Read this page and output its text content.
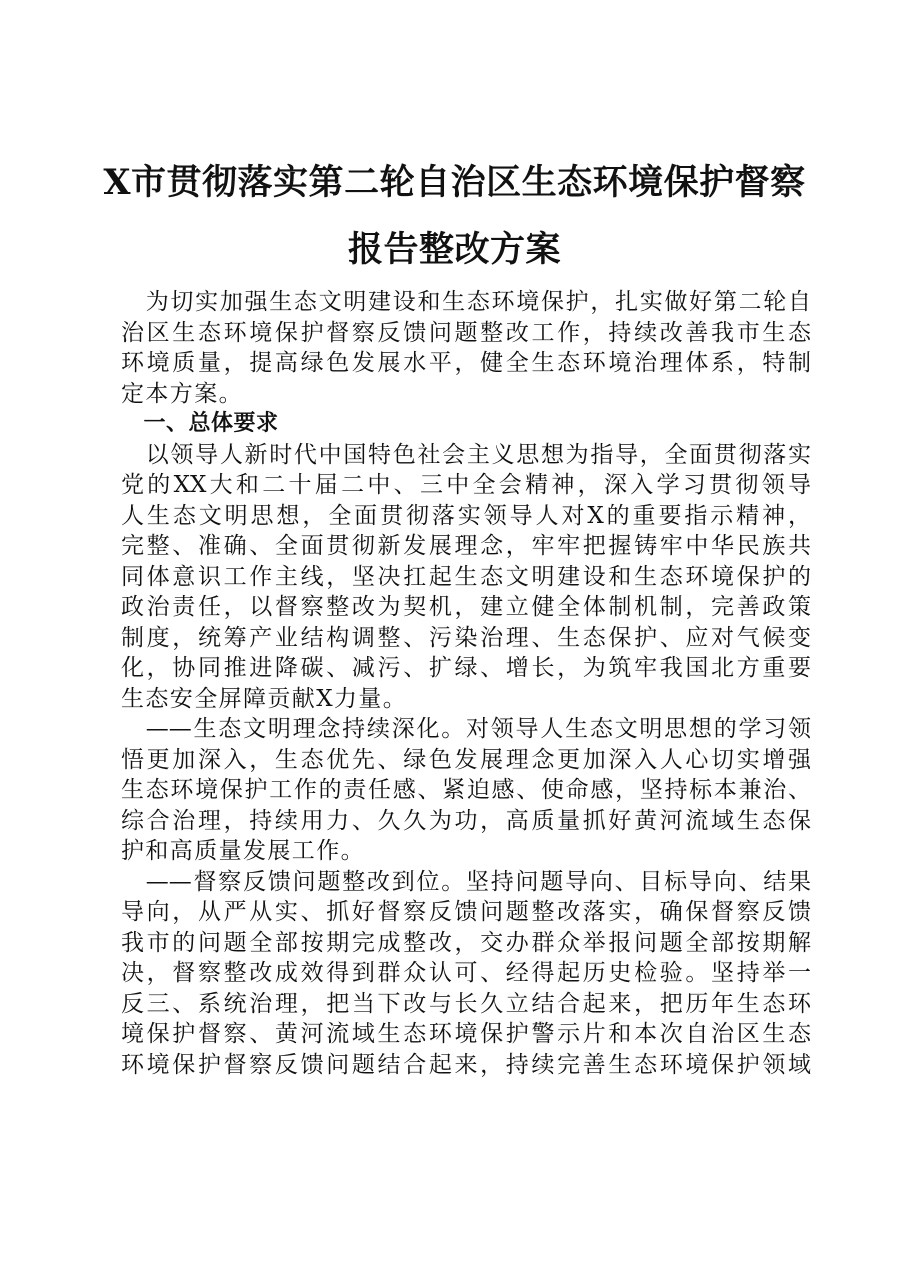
X市贯彻落实第二轮自治区生态环境保护督察
报告整改方案
　为切实加强生态文明建设和生态环境保护，扎实做好第二轮自
治区生态环境保护督察反馈问题整改工作，持续改善我市生态
环境质量，提高绿色发展水平，健全生态环境治理体系，特制
定本方案。
　一、总体要求
　以领导人新时代中国特色社会主义思想为指导，全面贯彻落实
党的XX大和二十届二中、三中全会精神，深入学习贯彻领导
人生态文明思想，全面贯彻落实领导人对X的重要指示精神，
完整、准确、全面贯彻新发展理念，牢牢把握铸牢中华民族共
同体意识工作主线，坚决扛起生态文明建设和生态环境保护的
政治责任，以督察整改为契机，建立健全体制机制，完善政策
制度，统筹产业结构调整、污染治理、生态保护、应对气候变
化，协同推进降碳、减污、扩绿、增长，为筑牢我国北方重要
生态安全屏障贡献X力量。
　——生态文明理念持续深化。对领导人生态文明思想的学习领
悟更加深入，生态优先、绿色发展理念更加深入人心切实增强
生态环境保护工作的责任感、紧迫感、使命感，坚持标本兼治、
综合治理，持续用力、久久为功，高质量抓好黄河流域生态保
护和高质量发展工作。
　——督察反馈问题整改到位。坚持问题导向、目标导向、结果
导向，从严从实、抓好督察反馈问题整改落实，确保督察反馈
我市的问题全部按期完成整改，交办群众举报问题全部按期解
决，督察整改成效得到群众认可、经得起历史检验。坚持举一
反三、系统治理，把当下改与长久立结合起来，把历年生态环
境保护督察、黄河流域生态环境保护警示片和本次自治区生态
环境保护督察反馈问题结合起来，持续完善生态环境保护领域
